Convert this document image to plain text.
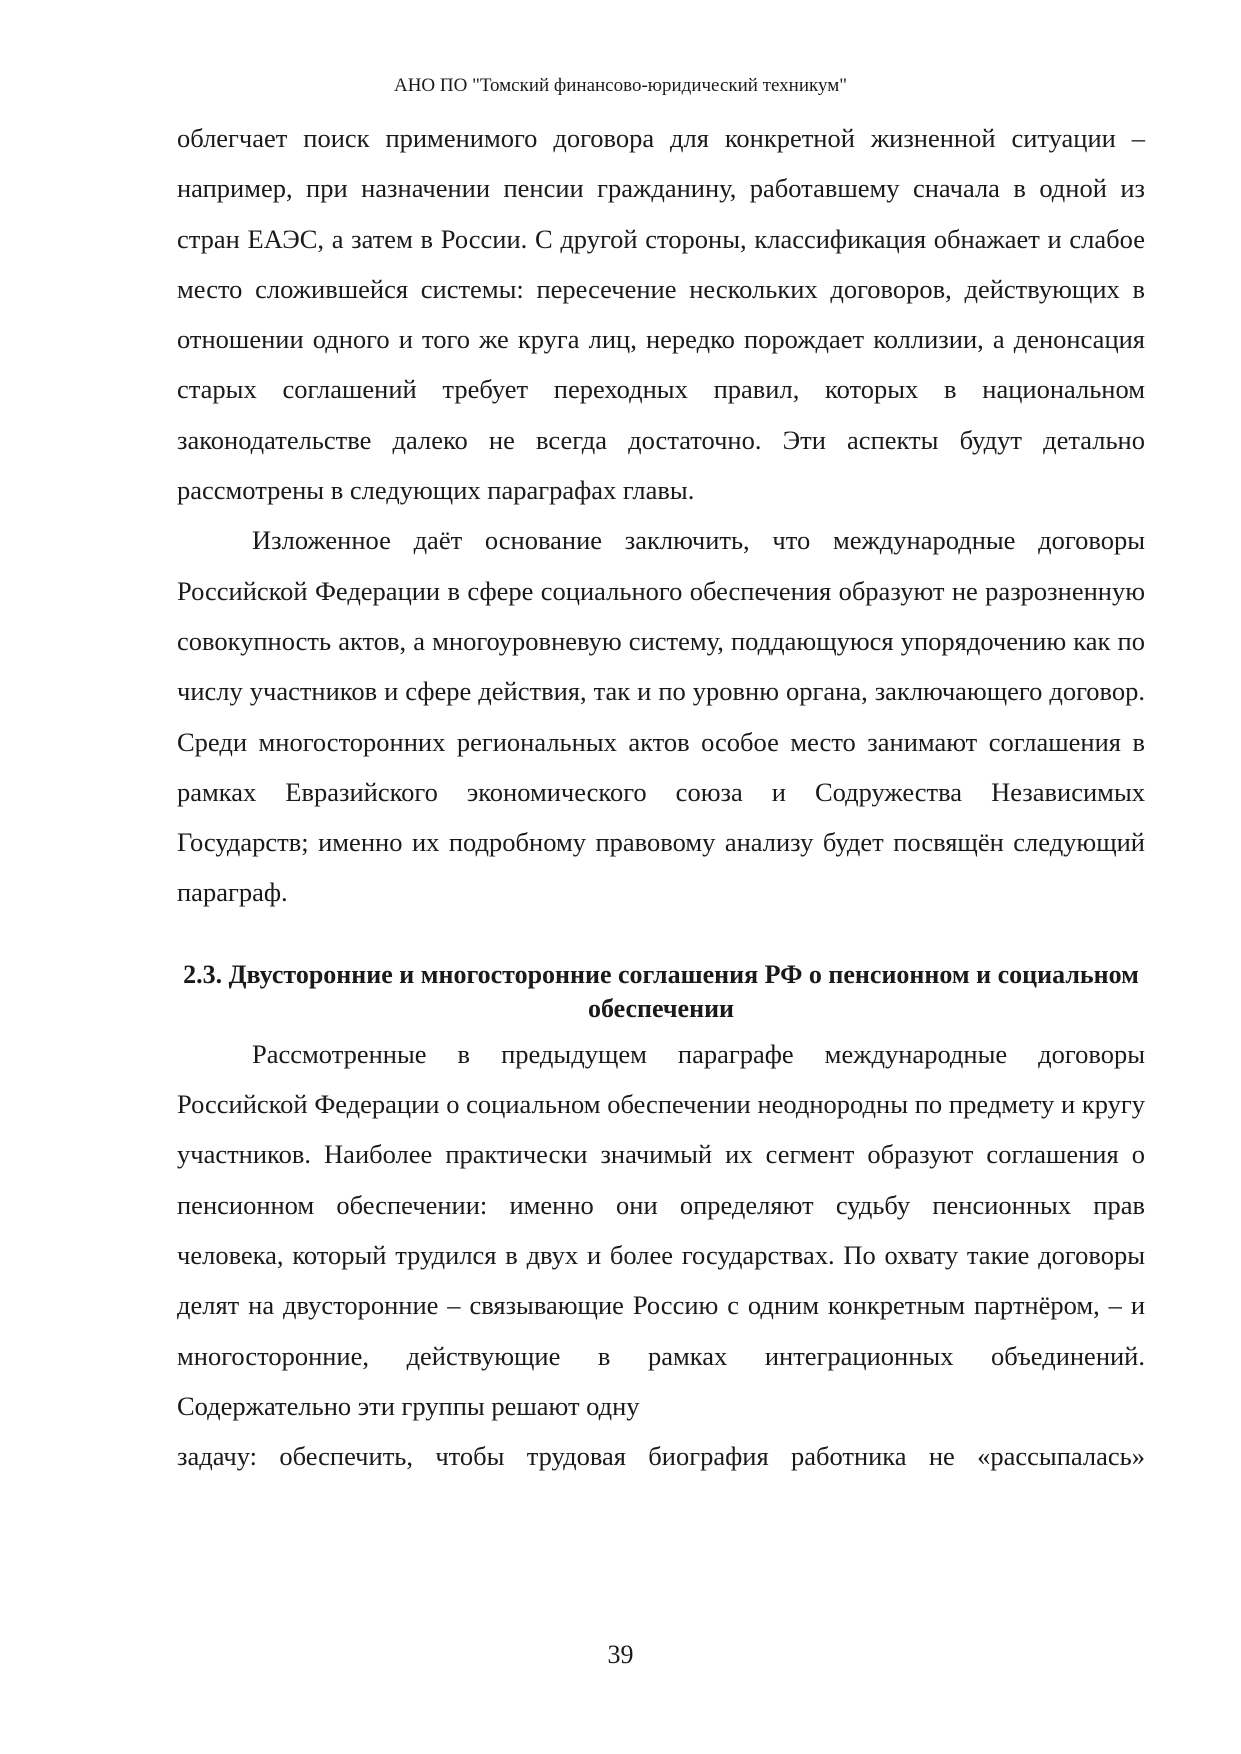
АНО ПО "Томский финансово-юридический техникум"

облегчает поиск применимого договора для конкретной жизненной ситуации – например, при назначении пенсии гражданину, работавшему сначала в одной из стран ЕАЭС, а затем в России. С другой стороны, классификация обнажает и слабое место сложившейся системы: пересечение нескольких договоров, действующих в отношении одного и того же круга лиц, нередко порождает коллизии, а денонсация старых соглашений требует переходных правил, которых в национальном законодательстве далеко не всегда достаточно. Эти аспекты будут детально рассмотрены в следующих параграфах главы.

Изложенное даёт основание заключить, что международные договоры Российской Федерации в сфере социального обеспечения образуют не разрозненную совокупность актов, а многоуровневую систему, поддающуюся упорядочению как по числу участников и сфере действия, так и по уровню органа, заключающего договор. Среди многосторонних региональных актов особое место занимают соглашения в рамках Евразийского экономического союза и Содружества Независимых Государств; именно их подробному правовому анализу будет посвящён следующий параграф.

2.3. Двусторонние и многосторонние соглашения РФ о пенсионном и социальном обеспечении

Рассмотренные в предыдущем параграфе международные договоры Российской Федерации о социальном обеспечении неоднородны по предмету и кругу участников. Наиболее практически значимый их сегмент образуют соглашения о пенсионном обеспечении: именно они определяют судьбу пенсионных прав человека, который трудился в двух и более государствах. По охвату такие договоры делят на двусторонние – связывающие Россию с одним конкретным партнёром, – и многосторонние, действующие в рамках интеграционных объединений. Содержательно эти группы решают одну

задачу: обеспечить, чтобы трудовая биография работника не «рассыпалась»

39
